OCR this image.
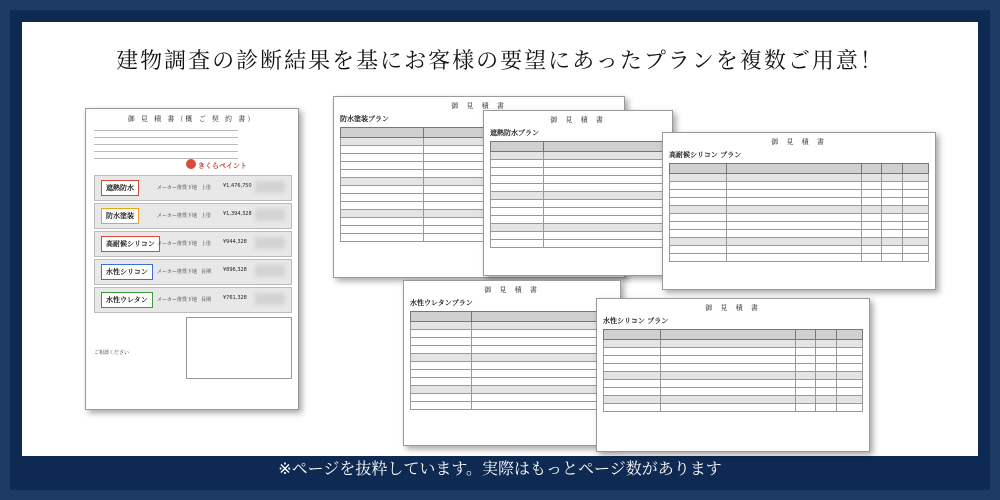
建物調査の診断結果を基にお客様の要望にあったプランを複数ご用意！
御 見 積 書（概 ご 契 約 書）
きくらペイント
遮熱防水	メーカー推奨下地 上塗 ¥1,476,750
防水塗装	メーカー推奨下地 上塗 ¥1,394,328
高耐候シリコン メーカー推奨下地 上塗 ¥944,328
水性シリコン	メーカー推奨下地 長期 ¥896,328
水性ウレタン	メーカー推奨下地 長期 ¥761,328
ご相談ください
御 見 積 書
防水塗装プラン

		御 見 積 書
遮熱防水プラン

御 見 積 書
高耐候シリコン プラン

御 見 積 書
水性ウレタンプラン

御 見 積 書
水性シリコン プラン

※ページを抜粋しています。実際はもっとページ数があります
